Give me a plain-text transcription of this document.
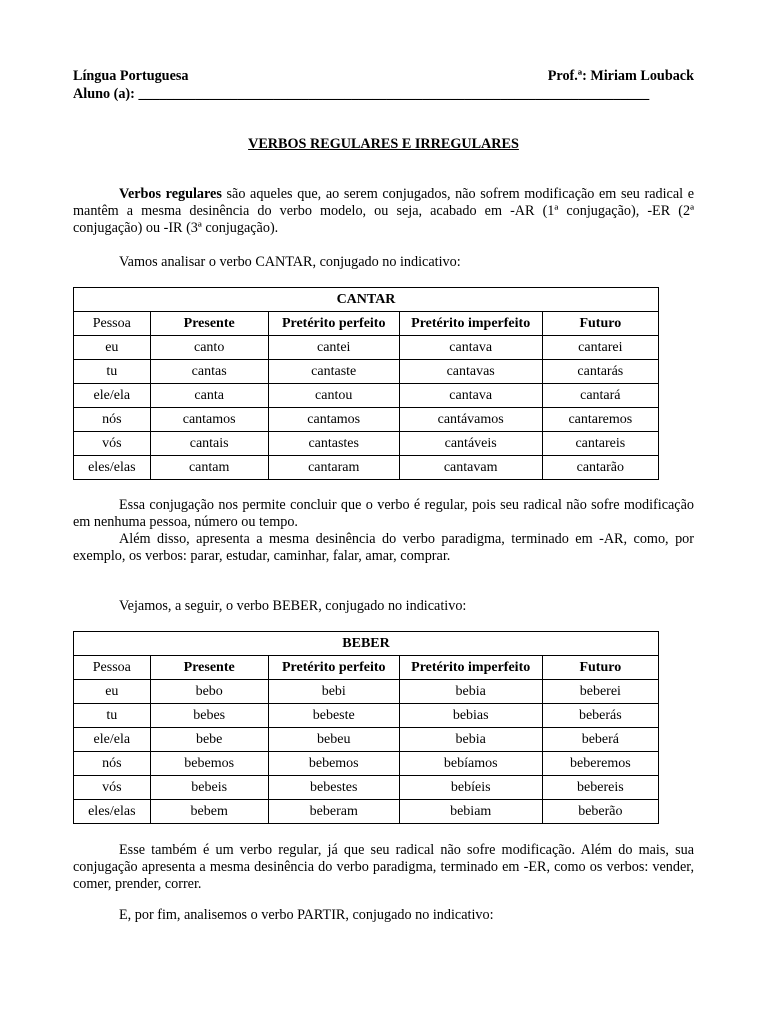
Língua Portuguesa	Prof.ª: Miriam Louback
Aluno (a): ________________________________________________________________________
VERBOS REGULARES E IRREGULARES
Verbos regulares são aqueles que, ao serem conjugados, não sofrem modificação em seu radical e mantêm a mesma desinência do verbo modelo, ou seja, acabado em -AR (1ª conjugação), -ER (2ª conjugação) ou -IR (3ª conjugação).
Vamos analisar o verbo CANTAR, conjugado no indicativo:
CANTAR				
Pessoa	Presente	Pretérito perfeito	Pretérito imperfeito	Futuro
eu	canto	cantei	cantava	cantarei
tu	cantas	cantaste	cantavas	cantarás
ele/ela	canta	cantou	cantava	cantará
nós	cantamos	cantamos	cantávamos	cantaremos
vós	cantais	cantastes	cantáveis	cantareis
eles/elas	cantam	cantaram	cantavam	cantarão
Essa conjugação nos permite concluir que o verbo é regular, pois seu radical não sofre modificação em nenhuma pessoa, número ou tempo.
Além disso, apresenta a mesma desinência do verbo paradigma, terminado em -AR, como, por exemplo, os verbos: parar, estudar, caminhar, falar, amar, comprar.
Vejamos, a seguir, o verbo BEBER, conjugado no indicativo:
BEBER				
Pessoa	Presente	Pretérito perfeito	Pretérito imperfeito	Futuro
eu	bebo	bebi	bebia	beberei
tu	bebes	bebeste	bebias	beberás
ele/ela	bebe	bebeu	bebia	beberá
nós	bebemos	bebemos	bebíamos	beberemos
vós	bebeis	bebestes	bebíeis	bebereis
eles/elas	bebem	beberam	bebiam	beberão
Esse também é um verbo regular, já que seu radical não sofre modificação. Além do mais, sua conjugação apresenta a mesma desinência do verbo paradigma, terminado em -ER, como os verbos: vender, comer, prender, correr.
E, por fim, analisemos o verbo PARTIR, conjugado no indicativo:
